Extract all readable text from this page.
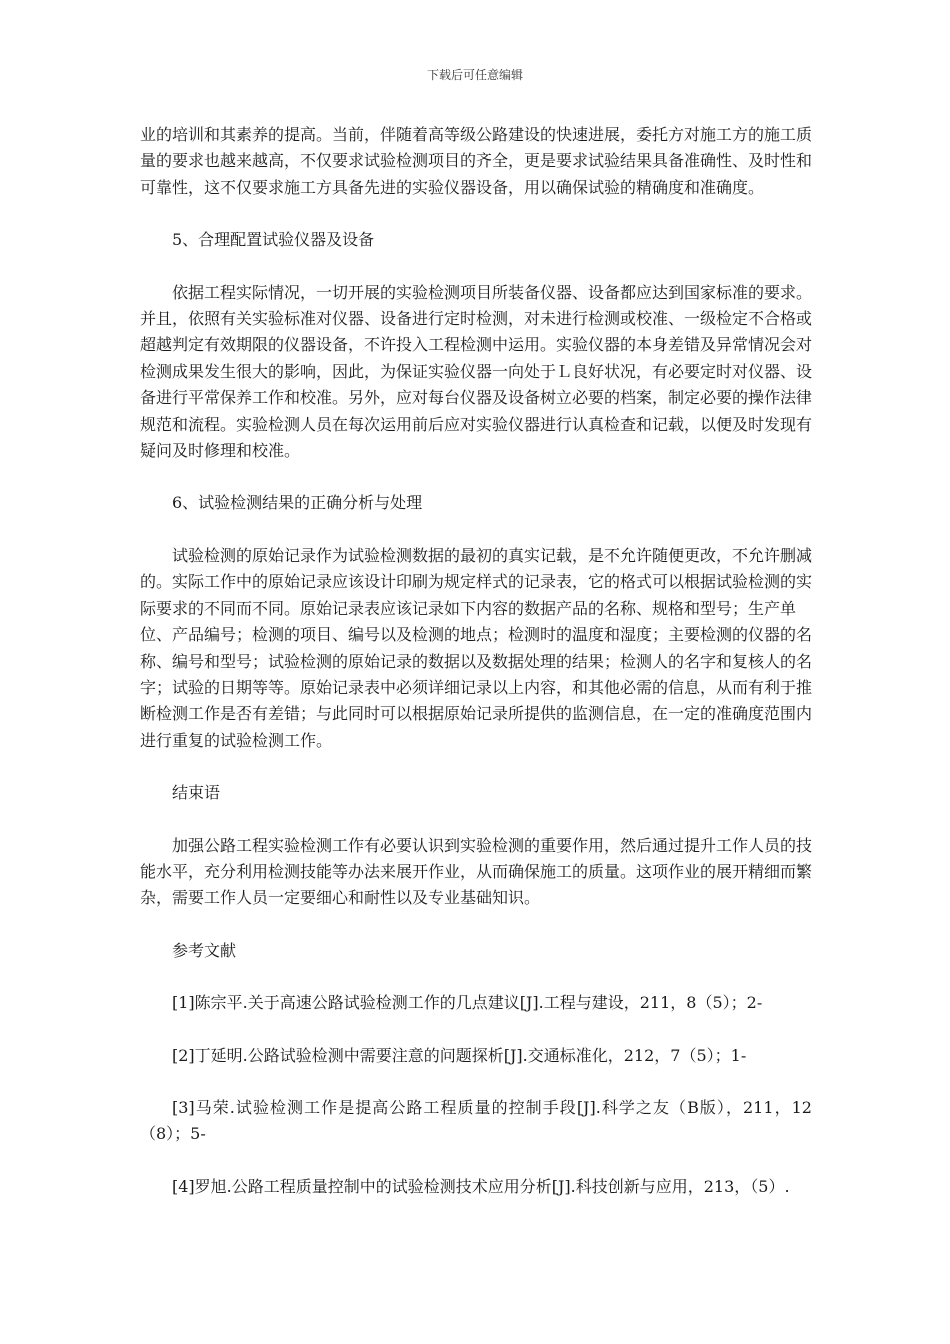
下载后可任意编辑

业的培训和其素养的提高。当前，伴随着高等级公路建设的快速进展，委托方对施工方的施工质量的要求也越来越高，不仅要求试验检测项目的齐全，更是要求试验结果具备准确性、及时性和可靠性，这不仅要求施工方具备先进的实验仪器设备，用以确保试验的精确度和准确度。

5、合理配置试验仪器及设备

依据工程实际情况，一切开展的实验检测项目所装备仪器、设备都应达到国家标准的要求。并且，依照有关实验标准对仪器、设备进行定时检测，对未进行检测或校准、一级检定不合格或超越判定有效期限的仪器设备，不许投入工程检测中运用。实验仪器的本身差错及异常情况会对检测成果发生很大的影响，因此，为保证实验仪器一向处于Ｌ良好状况，有必要定时对仪器、设备进行平常保养工作和校准。另外，应对每台仪器及设备树立必要的档案，制定必要的操作法律规范和流程。实验检测人员在每次运用前后应对实验仪器进行认真检查和记载，以便及时发现有疑问及时修理和校准。

6、试验检测结果的正确分析与处理

试验检测的原始记录作为试验检测数据的最初的真实记载，是不允许随便更改，不允许删减的。实际工作中的原始记录应该设计印刷为规定样式的记录表，它的格式可以根据试验检测的实际要求的不同而不同。原始记录表应该记录如下内容的数据产品的名称、规格和型号；生产单位、产品编号；检测的项目、编号以及检测的地点；检测时的温度和湿度；主要检测的仪器的名称、编号和型号；试验检测的原始记录的数据以及数据处理的结果；检测人的名字和复核人的名字；试验的日期等等。原始记录表中必须详细记录以上内容，和其他必需的信息，从而有利于推断检测工作是否有差错；与此同时可以根据原始记录所提供的监测信息，在一定的准确度范围内进行重复的试验检测工作。

结束语

加强公路工程实验检测工作有必要认识到实验检测的重要作用，然后通过提升工作人员的技能水平，充分利用检测技能等办法来展开作业，从而确保施工的质量。这项作业的展开精细而繁杂，需要工作人员一定要细心和耐性以及专业基础知识。

参考文献

[1]陈宗平.关于高速公路试验检测工作的几点建议[J].工程与建设，211，8（5）；2-

[2]丁延明.公路试验检测中需要注意的问题探析[J].交通标准化，212，7（5）；1-

[3]马荣.试验检测工作是提高公路工程质量的控制手段[J].科学之友（B版），211，12（8）；5-

[4]罗旭.公路工程质量控制中的试验检测技术应用分析[J].科技创新与应用，213，（5）.
